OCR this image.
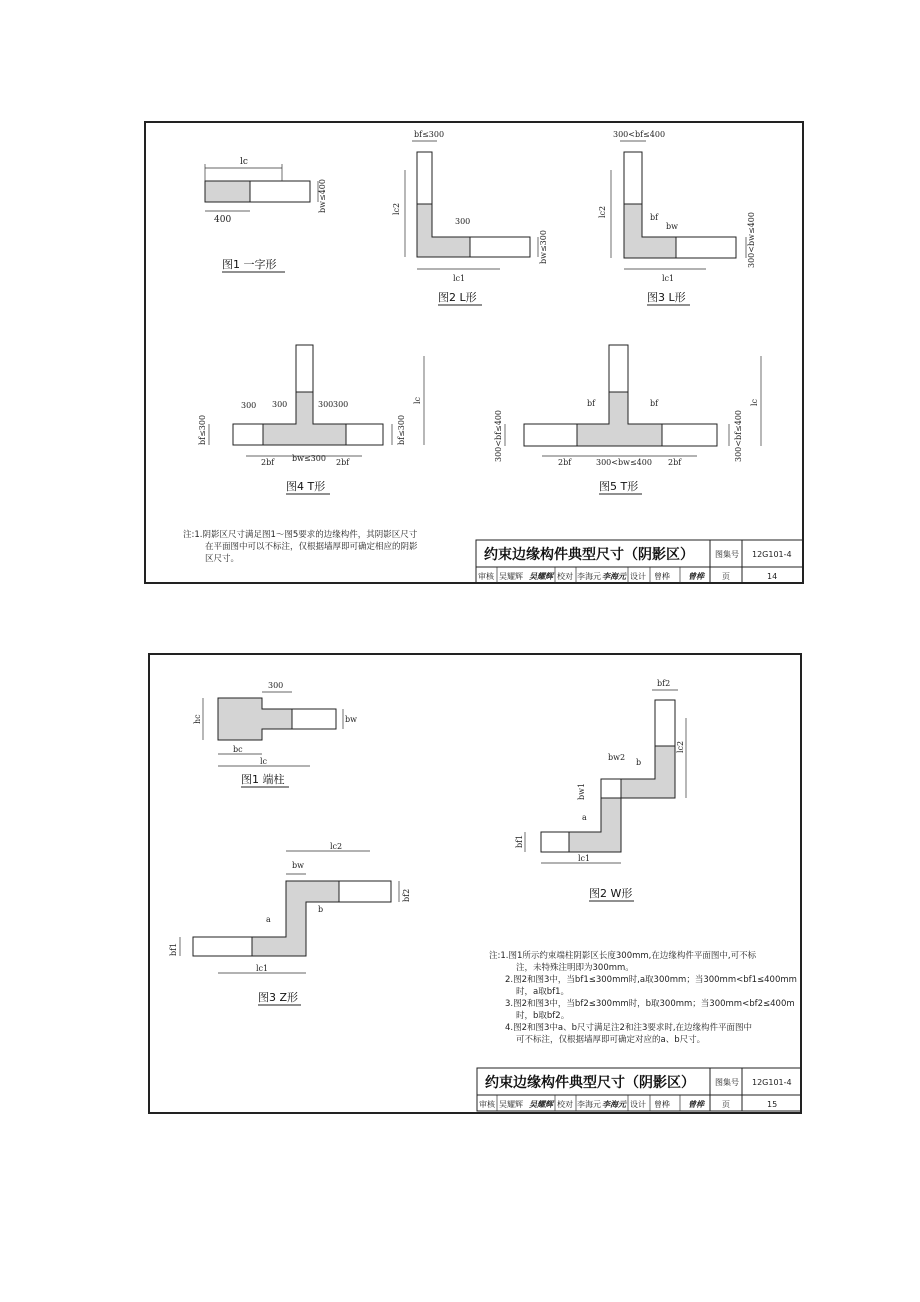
lc
400
bw≤400
图1 一字形
bf≤300
lc2
lc1
300
bw≤300
图2 L形
300<bf≤400
lc2
lc1
bf
bw	300<bw≤400
图3 L形
300	300 300
300
bf≤300	bf≤300
lc
2bf bw≤300 2bf
图4 T形
bf	bf
300<bf≤400	300<bf≤400
lc
2bf	300<bw≤400 2bf
图5 T形
注:1.阴影区尺寸满足图1～图5要求的边缘构件，其阴影区尺寸
在平面图中可以不标注，仅根据墙厚即可确定相应的阴影
区尺寸。	约束边缘构件典型尺寸（阴影区）	图集号 12G101-4
审核 吴耀辉 吴耀辉 校对 李海元 李海元 设计 曾桦 曾桦 页	14
300
hc
bc
lc
bw
图1 端柱
bf2
lc2
bw2
b
bw1
a
bf1
lc1
图2 W形
bw
lc2
bf2
a
b
bf1
lc1
图3 Z形
注:1.图1所示约束端柱阴影区长度300mm,在边缘构件平面图中,可不标
注，未特殊注明即为300mm。
2.图2和图3中，当bf1≤300mm时,a取300mm；当300mm<bf1≤400mm
时，a取bf1。
3.图2和图3中，当bf2≤300mm时，b取300mm；当300mm<bf2≤400m
时，b取bf2。
4.图2和图3中a、b尺寸满足注2和注3要求时,在边缘构件平面图中
可不标注，仅根据墙厚即可确定对应的a、b尺寸。
约束边缘构件典型尺寸（阴影区）	图集号 12G101-4
审核 吴耀辉 吴耀辉 校对 李海元 李海元 设计 曾桦 曾桦 页	15
